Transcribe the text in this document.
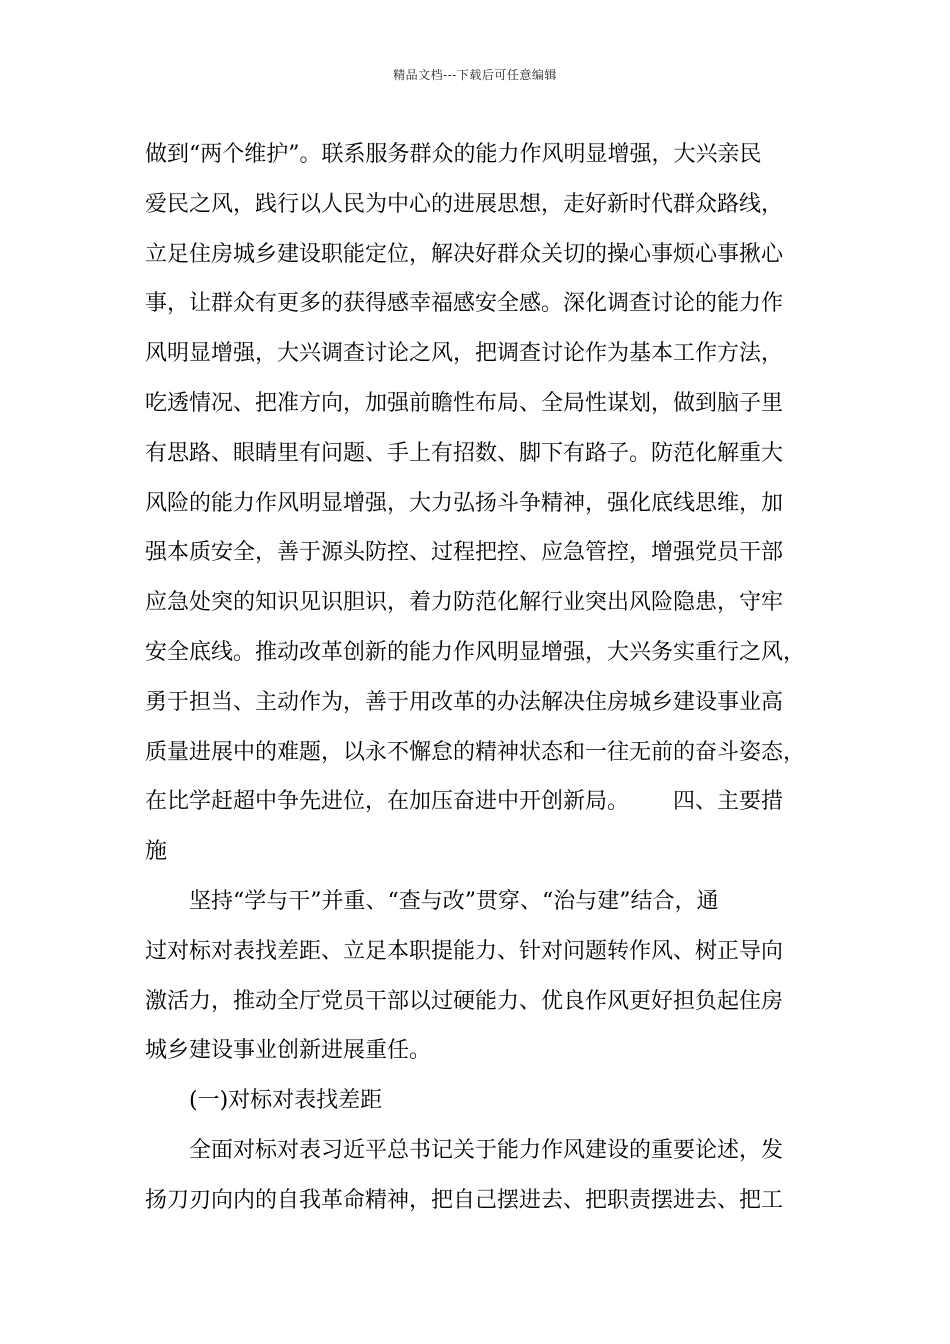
精品文档---下载后可任意编辑
做到“两个维护”。联系服务群众的能力作风明显增强，大兴亲民
爱民之风，践行以人民为中心的进展思想，走好新时代群众路线，
立足住房城乡建设职能定位，解决好群众关切的操心事烦心事揪心
事，让群众有更多的获得感幸福感安全感。深化调查讨论的能力作
风明显增强，大兴调查讨论之风，把调查讨论作为基本工作方法，
吃透情况、把准方向，加强前瞻性布局、全局性谋划，做到脑子里
有思路、眼睛里有问题、手上有招数、脚下有路子。防范化解重大
风险的能力作风明显增强，大力弘扬斗争精神，强化底线思维，加
强本质安全，善于源头防控、过程把控、应急管控，增强党员干部
应急处突的知识见识胆识，着力防范化解行业突出风险隐患，守牢
安全底线。推动改革创新的能力作风明显增强，大兴务实重行之风，
勇于担当、主动作为，善于用改革的办法解决住房城乡建设事业高
质量进展中的难题，以永不懈怠的精神状态和一往无前的奋斗姿态，
在比学赶超中争先进位，在加压奋进中开创新局。 四、主要措
施
坚持“学与干”并重、“查与改”贯穿、“治与建”结合，通
过对标对表找差距、立足本职提能力、针对问题转作风、树正导向
激活力，推动全厅党员干部以过硬能力、优良作风更好担负起住房
城乡建设事业创新进展重任。
(一)对标对表找差距
全面对标对表习近平总书记关于能力作风建设的重要论述，发
扬刀刃向内的自我革命精神，把自己摆进去、把职责摆进去、把工
